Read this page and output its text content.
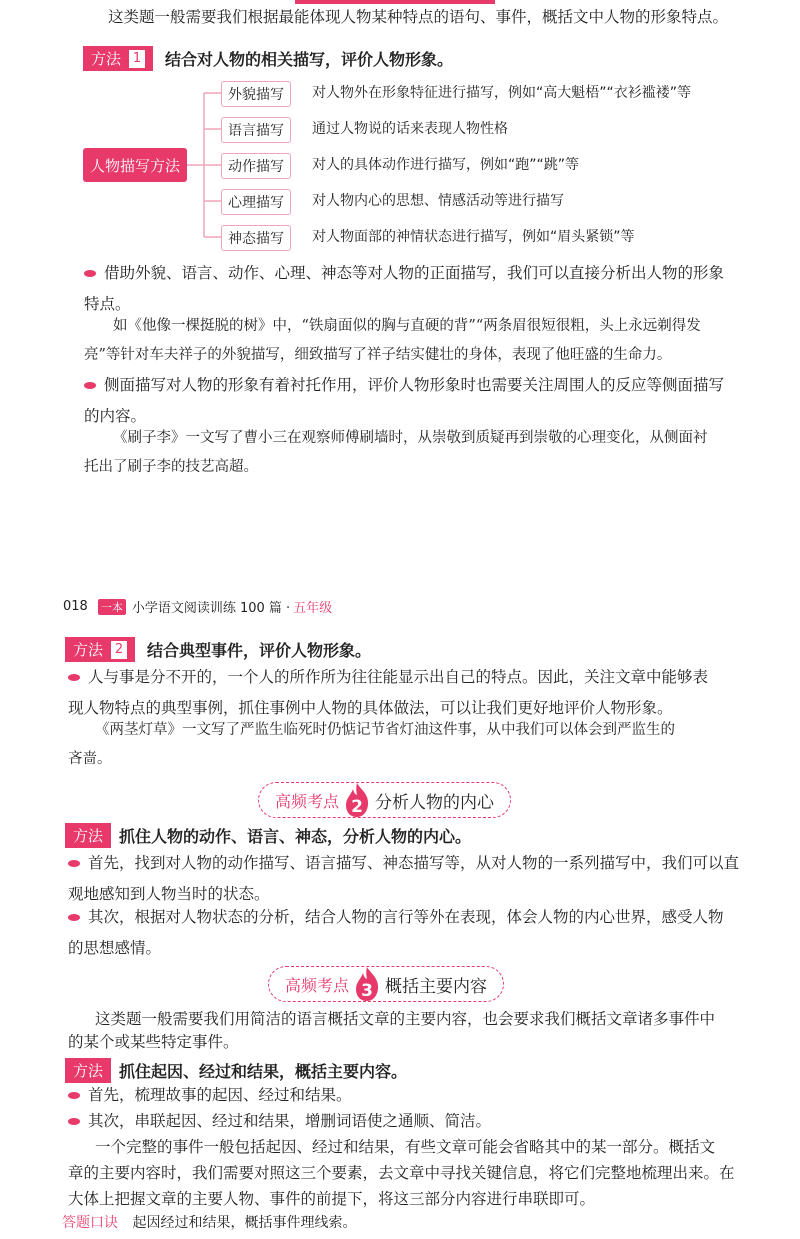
这类题一般需要我们根据最能体现人物某种特点的语句、事件，概括文中人物的形象特点。
方法 1 结合对人物的相关描写，评价人物形象。
人物描写方法
外貌描写	对人物外在形象特征进行描写，例如“高大魁梧”“衣衫褴褛”等
语言描写	通过人物说的话来表现人物性格
动作描写	对人的具体动作进行描写，例如“跑”“跳”等
心理描写	对人物内心的思想、情感活动等进行描写
神态描写	对人物面部的神情状态进行描写，例如“眉头紧锁”等
借助外貌、语言、动作、心理、神态等对人物的正面描写，我们可以直接分析出人物的形象
特点。
如《他像一棵挺脱的树》中，“铁扇面似的胸与直硬的背”“两条眉很短很粗，头上永远剃得发
亮”等针对车夫祥子的外貌描写，细致描写了祥子结实健壮的身体，表现了他旺盛的生命力。
侧面描写对人物的形象有着衬托作用，评价人物形象时也需要关注周围人的反应等侧面描写
的内容。
《刷子李》一文写了曹小三在观察师傅刷墙时，从崇敬到质疑再到崇敬的心理变化，从侧面衬
托出了刷子李的技艺高超。
018 一本 小学语文阅读训练 100 篇 · 五年级
方法 2 结合典型事件，评价人物形象。
人与事是分不开的，一个人的所作所为往往能显示出自己的特点。因此，关注文章中能够表
现人物特点的典型事例，抓住事例中人物的具体做法，可以让我们更好地评价人物形象。
《两茎灯草》一文写了严监生临死时仍惦记节省灯油这件事，从中我们可以体会到严监生的
吝啬。
高频考点 2 分析人物的内心
方法	抓住人物的动作、语言、神态，分析人物的内心。
首先，找到对人物的动作描写、语言描写、神态描写等，从对人物的一系列描写中，我们可以直
观地感知到人物当时的状态。
其次，根据对人物状态的分析，结合人物的言行等外在表现，体会人物的内心世界，感受人物
的思想感情。
高频考点 3 概括主要内容
这类题一般需要我们用简洁的语言概括文章的主要内容，也会要求我们概括文章诸多事件中
的某个或某些特定事件。
方法	抓住起因、经过和结果，概括主要内容。
首先，梳理故事的起因、经过和结果。
其次，串联起因、经过和结果，增删词语使之通顺、简洁。
一个完整的事件一般包括起因、经过和结果，有些文章可能会省略其中的某一部分。概括文
章的主要内容时，我们需要对照这三个要素，去文章中寻找关键信息，将它们完整地梳理出来。在
大体上把握文章的主要人物、事件的前提下，将这三部分内容进行串联即可。
答题口诀 起因经过和结果，概括事件理线索。
